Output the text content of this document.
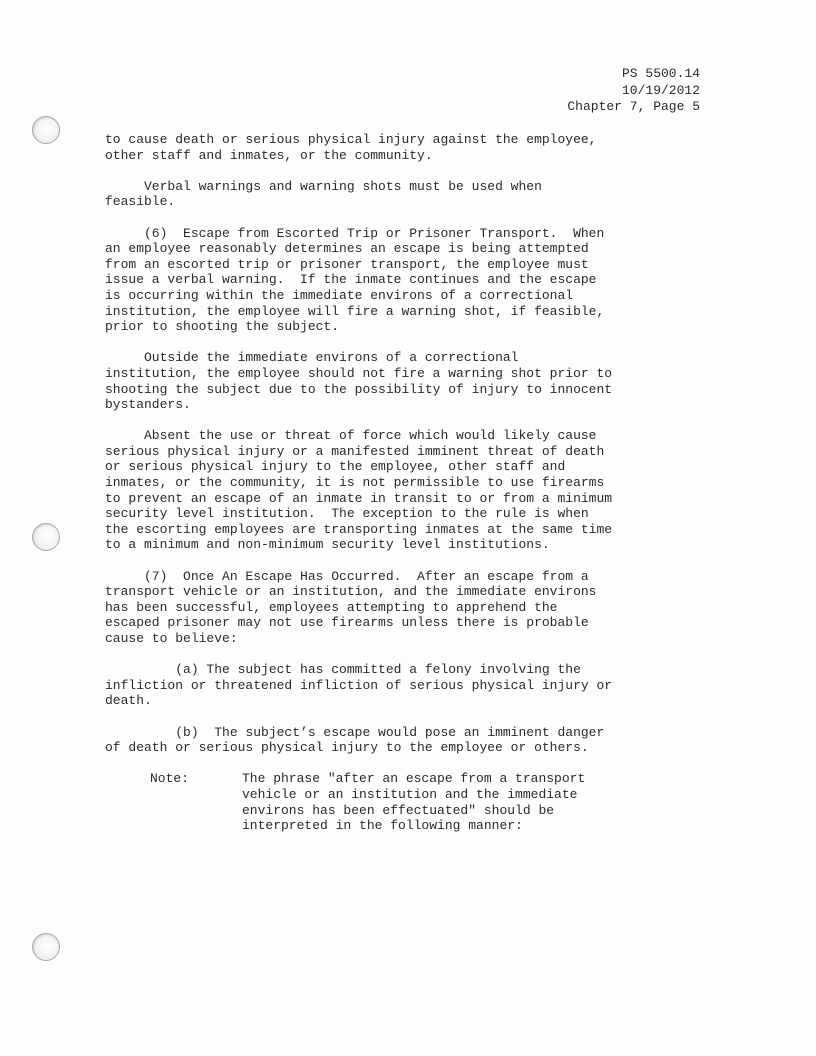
PS 5500.14
10/19/2012
Chapter 7, Page 5

to cause death or serious physical injury against the employee,
other staff and inmates, or the community.

Verbal warnings and warning shots must be used when
feasible.

(6)  Escape from Escorted Trip or Prisoner Transport.  When
an employee reasonably determines an escape is being attempted
from an escorted trip or prisoner transport, the employee must
issue a verbal warning.  If the inmate continues and the escape
is occurring within the immediate environs of a correctional
institution, the employee will fire a warning shot, if feasible,
prior to shooting the subject.

Outside the immediate environs of a correctional
institution, the employee should not fire a warning shot prior to
shooting the subject due to the possibility of injury to innocent
bystanders.

Absent the use or threat of force which would likely cause
serious physical injury or a manifested imminent threat of death
or serious physical injury to the employee, other staff and
inmates, or the community, it is not permissible to use firearms
to prevent an escape of an inmate in transit to or from a minimum
security level institution.  The exception to the rule is when
the escorting employees are transporting inmates at the same time
to a minimum and non-minimum security level institutions.

(7)  Once An Escape Has Occurred.  After an escape from a
transport vehicle or an institution, and the immediate environs
has been successful, employees attempting to apprehend the
escaped prisoner may not use firearms unless there is probable
cause to believe:

(a) The subject has committed a felony involving the
infliction or threatened infliction of serious physical injury or
death.

(b)  The subject’s escape would pose an imminent danger
of death or serious physical injury to the employee or others.

Note:	The phrase "after an escape from a transport
vehicle or an institution and the immediate
environs has been effectuated" should be
interpreted in the following manner:
